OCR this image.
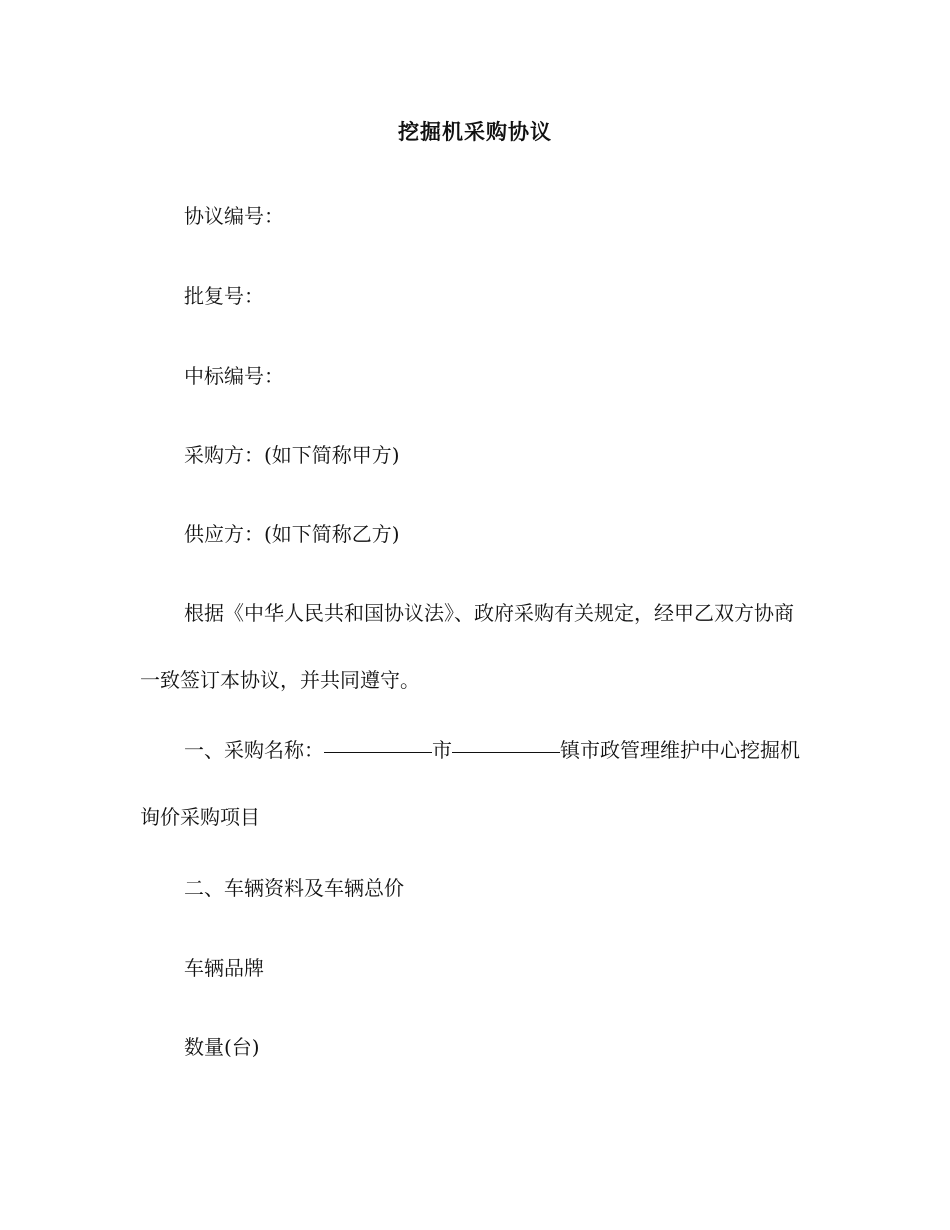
挖掘机采购协议
协议编号：
批复号：
中标编号：
采购方：(如下简称甲方)
供应方：(如下简称乙方)
根据《中华人民共和国协议法》、政府采购有关规定，经甲乙双方协商一致签订本协议，并共同遵守。
一、采购名称：	市	镇市政管理维护中心挖掘机询价采购项目
二、车辆资料及车辆总价
车辆品牌
数量(台)
